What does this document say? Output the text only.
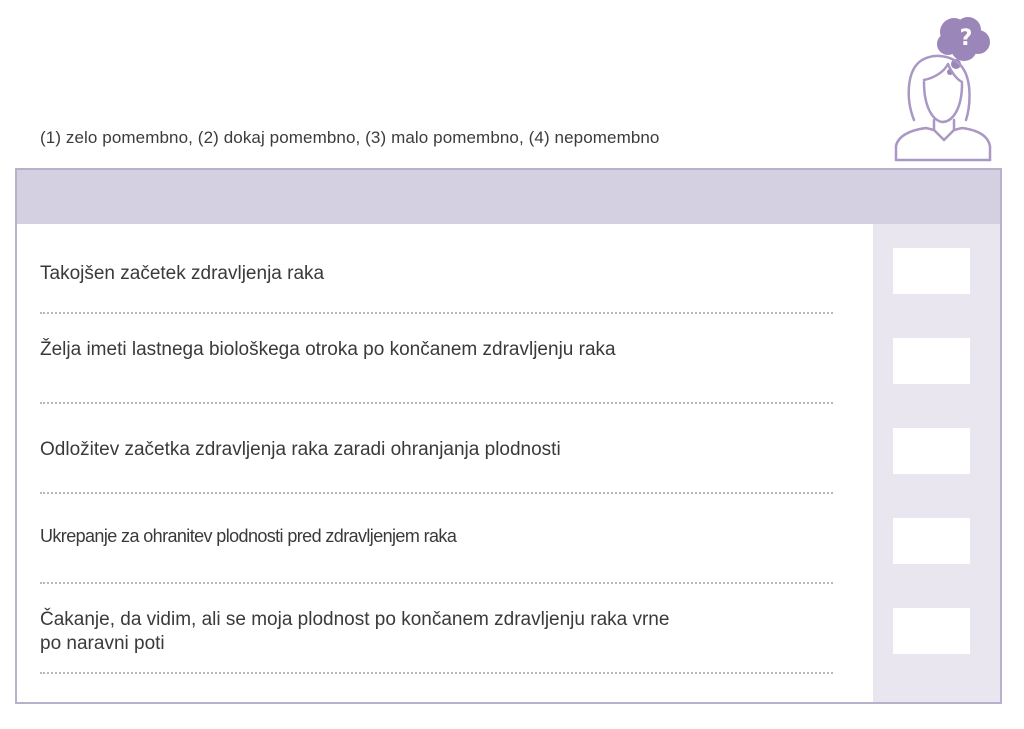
(1) zelo pomembno, (2) dokaj pomembno, (3) malo pomembno, (4) nepomembno
?
Takojšen začetek zdravljenja raka
Želja imeti lastnega biološkega otroka po končanem zdravljenju raka
Odložitev začetka zdravljenja raka zaradi ohranjanja plodnosti
Ukrepanje za ohranitev plodnosti pred zdravljenjem raka
Čakanje, da vidim, ali se moja plodnost po končanem zdravljenju raka vrne po naravni poti
